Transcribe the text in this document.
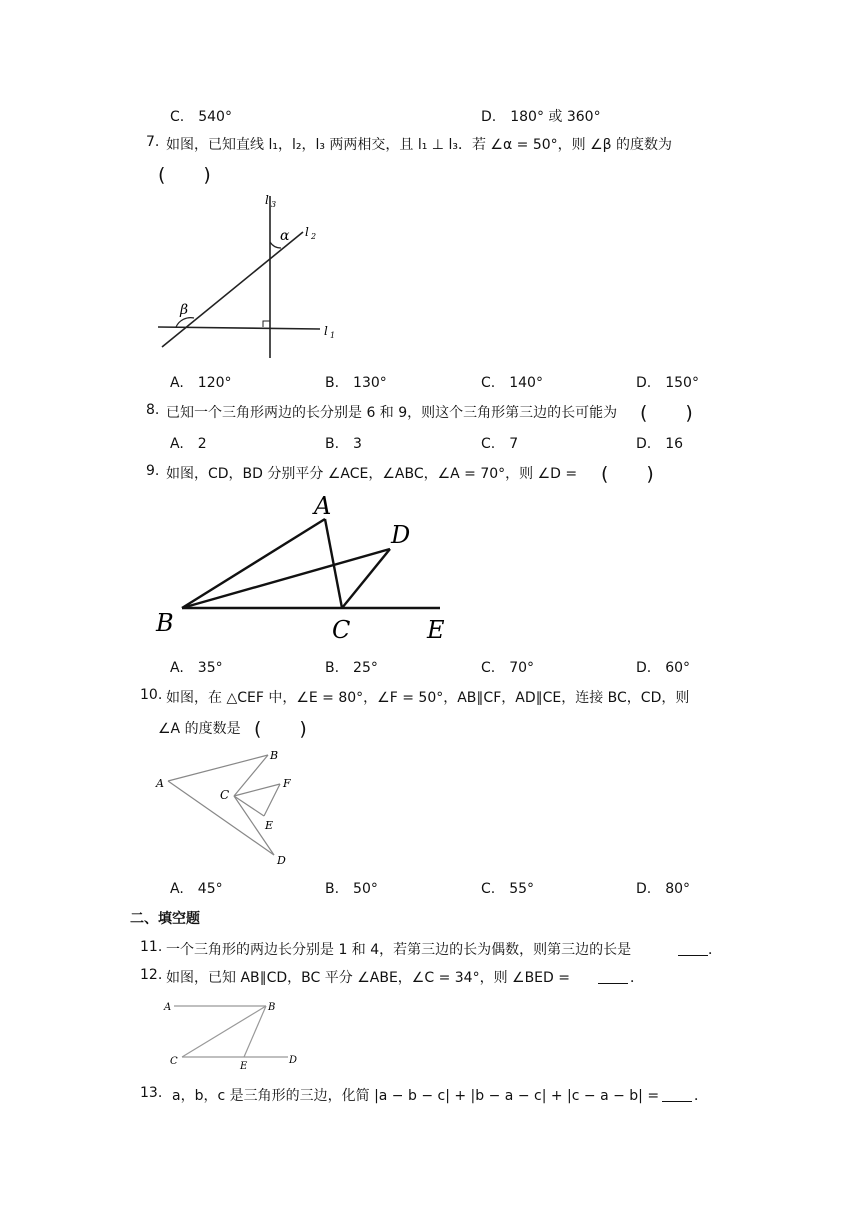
C.　540°	D.　180° 或 360°
7. 如图，已知直线 l₁，l₂，l₃ 两两相交，且 l₁ ⊥ l₃．若 ∠α = 50°，则 ∠β 的度数为
(　　)
l 3
l 2
l 1
α
β
A.　120°	B.　130°	C.　140°	D.　150°
8. 已知一个三角形两边的长分别是 6 和 9，则这个三角形第三边的长可能为 (　　)
A.　2	B.　3	C.　7	D.　16
9. 如图，CD，BD 分别平分 ∠ACE，∠ABC，∠A = 70°，则 ∠D = (　　)
A
B	C
D
E
A.　35°	B.　25°	C.　70°	D.　60°
10. 如图，在 △CEF 中，∠E = 80°，∠F = 50°，AB∥CF，AD∥CE，连接 BC，CD，则
∠A 的度数是 (　　)
A
B
C
D
E
F
A.　45°	B.　50°	C.　55°	D.　80°
二、填空题
11. 一个三角形的两边长分别是 1 和 4，若第三边的长为偶数，则第三边的长是	．
12. 如图，已知 AB∥CD，BC 平分 ∠ABE，∠C = 34°，则 ∠BED =	．
A	B
C	D
E
13. a，b，c 是三角形的三边，化简 |a − b − c| + |b − a − c| + |c − a − b| = ．
